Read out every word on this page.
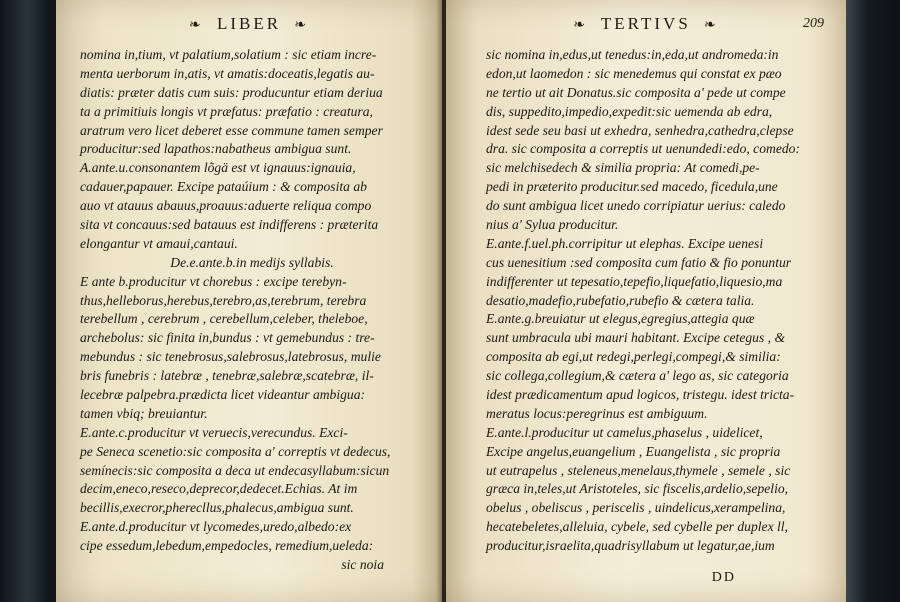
❧ LIBER ❧
nomina in,tium, vt palatium,solatium : sic etiam incre-
menta uerborum in,atis, vt amatis:doceatis,legatis au-
diatis: præter datis cum suis: producuntur etiam deriua
ta a primitiuis longis vt præfatus: præfatio : creatura,
aratrum vero licet deberet esse commune tamen semper
producitur:sed lapathos:nabatheus ambigua sunt.
A.ante.u.consonantem lõgä est vt ignauus:ignauia,
cadauer,papauer. Excipe pataúium : & composita ab
auo vt atauus abauus,proauus:aduerte reliqua compo
sita vt concauus:sed batauus est indifferens : præterita
elongantur vt amaui,cantaui.
De.e.ante.b.in medijs syllabis.
E ante b.producitur vt chorebus : excipe terebyn-
thus,helleborus,herebus,terebro,as,terebrum, terebra
terebellum , cerebrum , cerebellum,celeber, theleboe,
archebolus: sic finita in,bundus : vt gemebundus : tre-
mebundus : sic tenebrosus,salebrosus,latebrosus, mulie
bris funebris : latebræ , tenebræ,salebræ,scatebræ, il-
lecebræ palpebra.prædicta licet videantur ambigua:
tamen vbiq; breuiantur.
E.ante.c.producitur vt veruecis,verecundus. Exci-
pe Seneca scenetio:sic composita a' correptis vt dedecus,
semínecis:sic composita a deca ut endecasyllabum:sicun
decim,eneco,reseco,deprecor,dedecet.Echias. At im
becillis,execror,pherecllus,phalecus,ambigua sunt.
E.ante.d.producitur vt lycomedes,uredo,albedo:ex
cipe essedum,lebedum,empedocles, remedium,ueleda:
sic noia
❧ TERTIVS ❧	209
sic nomina in,edus,ut tenedus:in,eda,ut andromeda:in
edon,ut laomedon : sic menedemus qui constat ex pæo
ne tertio ut ait Donatus.sic composita a' pede ut compe
dis, suppedito,impedio,expedit:sic uemenda ab edra,
idest sede seu basi ut exhedra, senhedra,cathedra,clepse
dra. sic composita a correptis ut uenundedi:edo, comedo:
sic melchisedech & similia propria: At comedi,pe-
pedi in præterito producitur.sed macedo, ficedula,une
do sunt ambigua licet unedo corripiatur uerius: caledo
nius a' Sylua producitur.
E.ante.f.uel.ph.corripitur ut elephas. Excipe uenesi
cus uenesitium :sed composita cum fatio & fio ponuntur
indifferenter ut tepesatio,tepefio,liquefatio,liquesio,ma
desatio,madefio,rubefatio,rubefio & cætera talia.
E.ante.g.breuiatur ut elegus,egregius,attegia quæ
sunt umbracula ubi mauri habitant. Excipe cetegus , &
composita ab egi,ut redegi,perlegi,compegi,& similia:
sic collega,collegium,& cætera a' lego as, sic categoria
idest prædicamentum apud logicos, tristegu. idest tricta-
meratus locus:peregrinus est ambiguum.
E.ante.l.producitur ut camelus,phaselus , uidelicet,
Excipe angelus,euangelium , Euangelista , sic propria
ut eutrapelus , steleneus,menelaus,thymele , semele , sic
græca in,teles,ut Aristoteles, sic fiscelis,ardelio,sepelio,
obelus , obeliscus , periscelis , uindelicus,xerampelina,
hecatebeletes,alleluia, cybele, sed cybelle per duplex ll,
producitur,israelita,quadrisyllabum ut legatur,ae,ium
DD
